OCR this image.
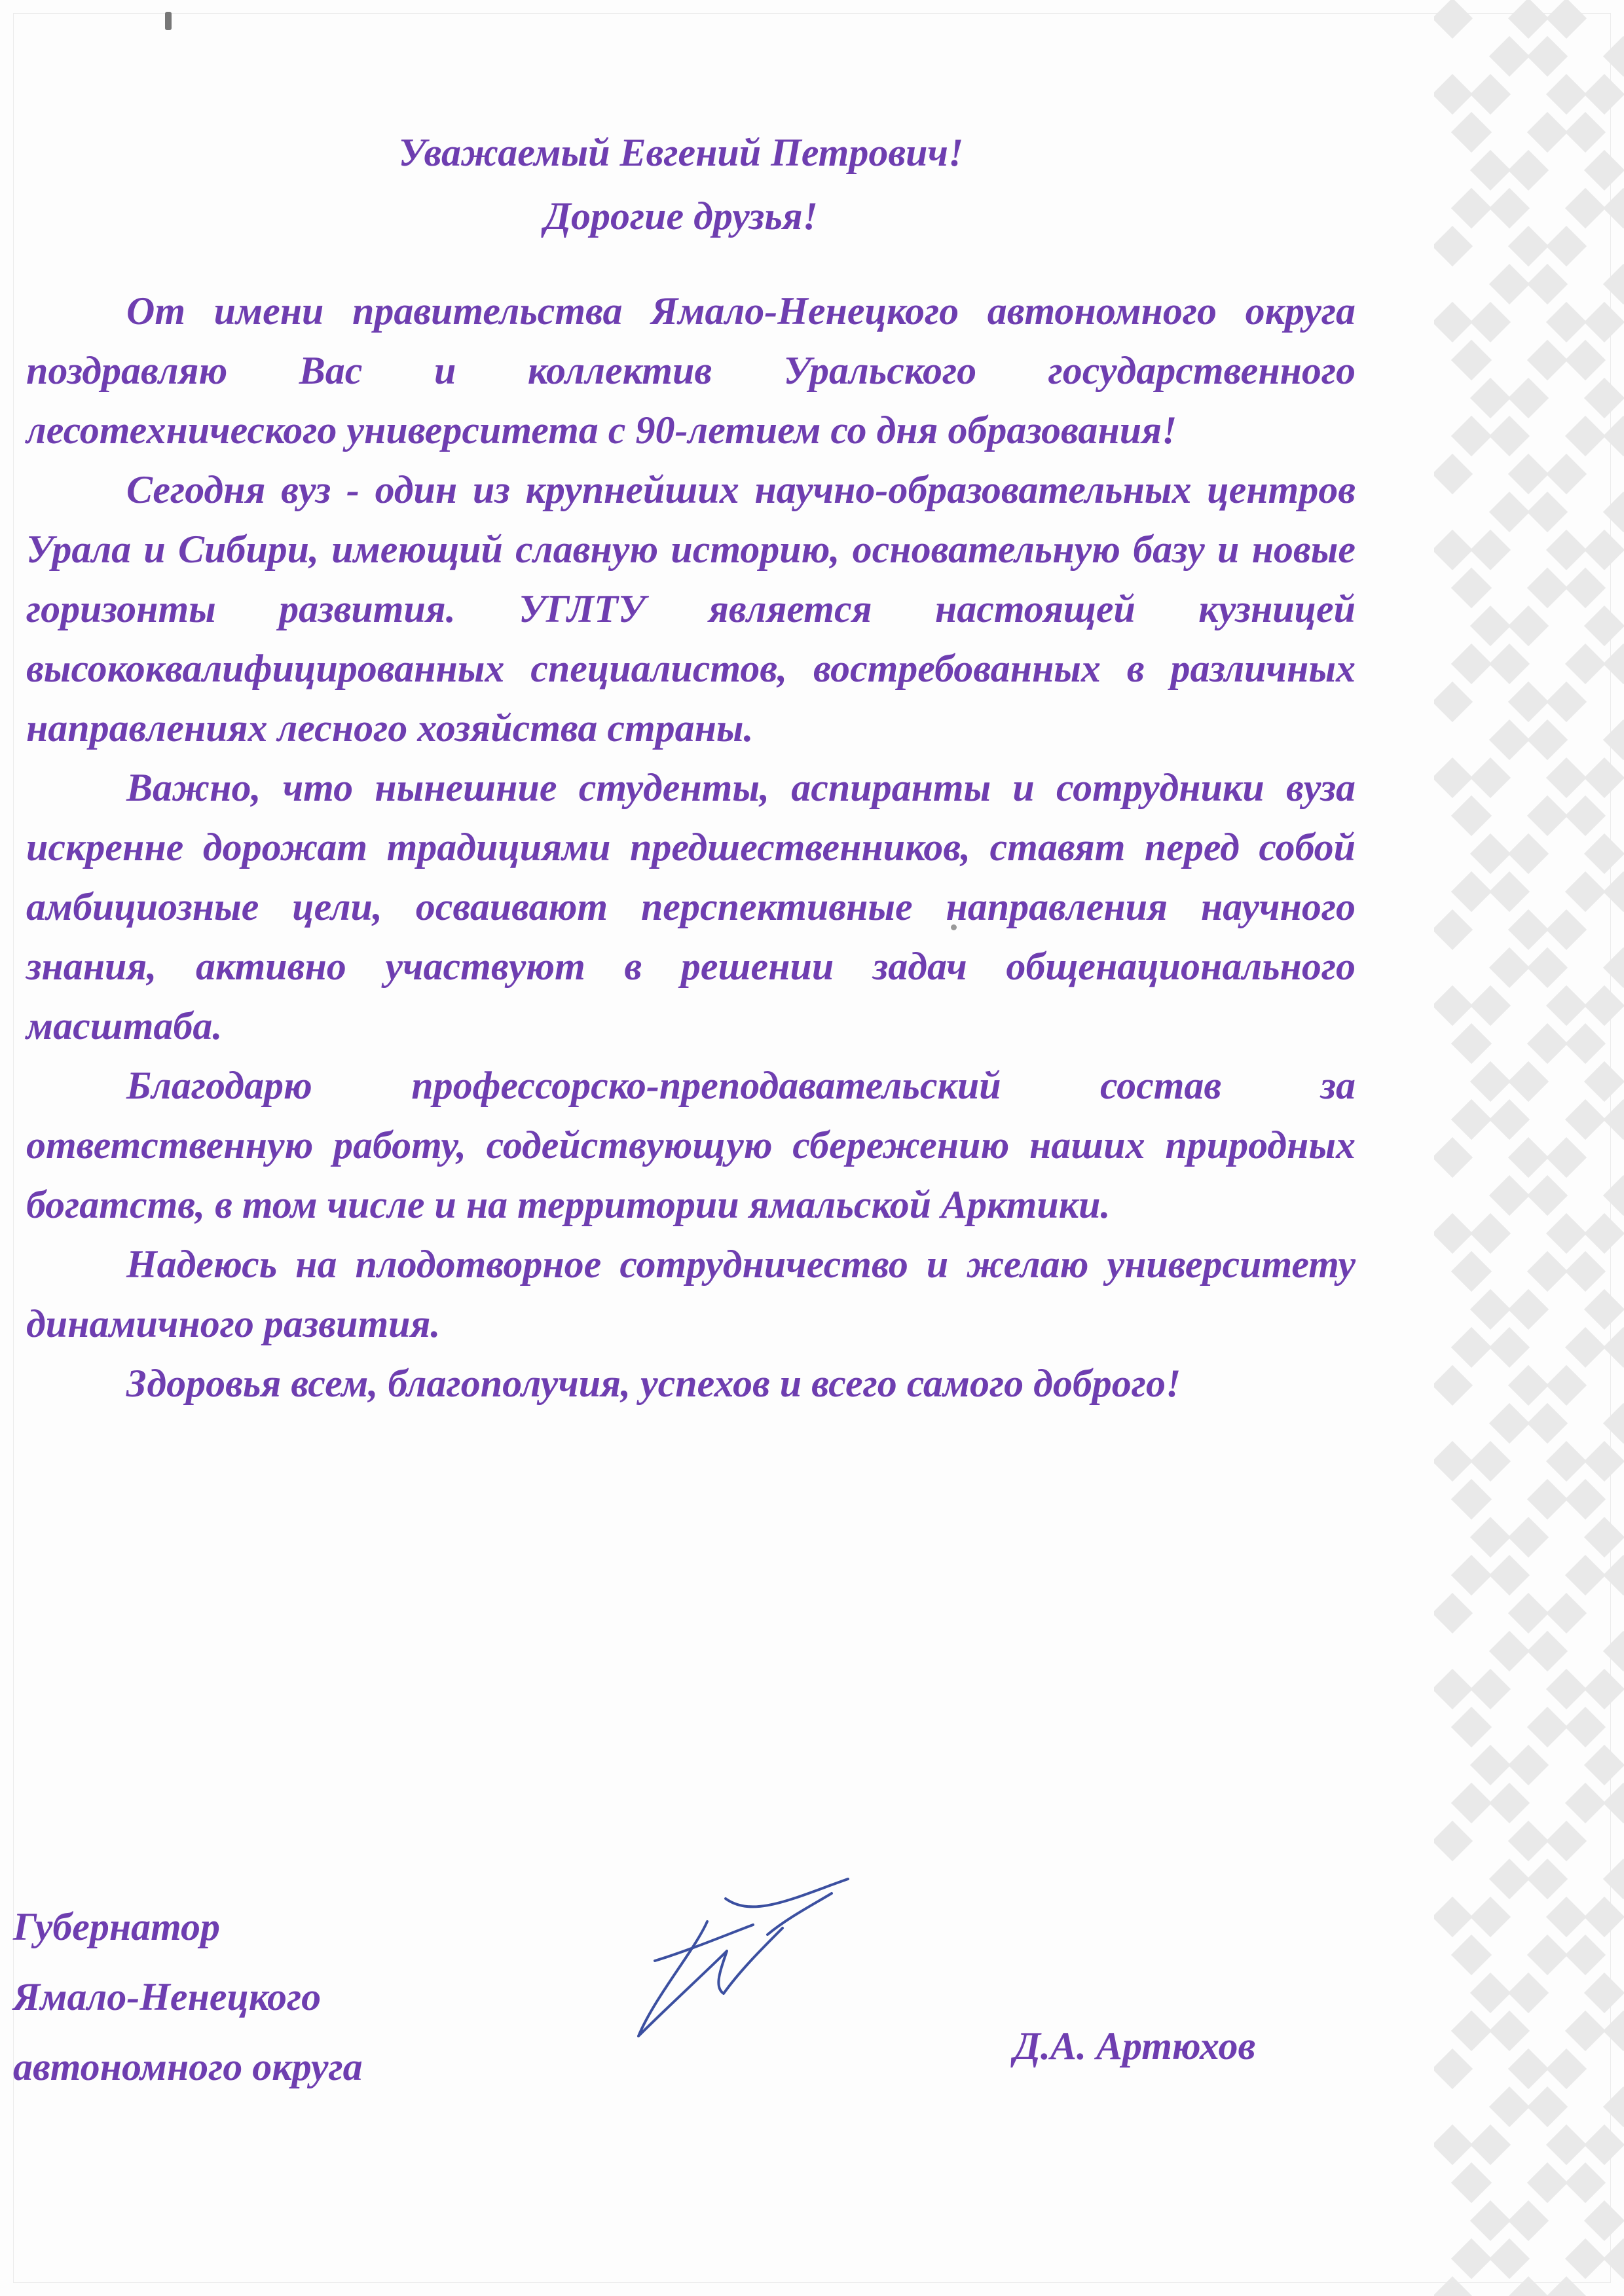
Уважаемый Евгений Петрович!
Дорогие друзья!

От имени правительства Ямало-Ненецкого автономного округа поздравляю Вас и коллектив Уральского государственного лесотехнического университета с 90-летием со дня образования!

Сегодня вуз - один из крупнейших научно-образовательных центров Урала и Сибири, имеющий славную историю, основательную базу и новые горизонты развития. УГЛТУ является настоящей кузницей высококвалифицированных специалистов, востребованных в различных направлениях лесного хозяйства страны.

Важно, что нынешние студенты, аспиранты и сотрудники вуза искренне дорожат традициями предшественников, ставят перед собой амбициозные цели, осваивают перспективные направления научного знания, активно участвуют в решении задач общенационального масштаба.

Благодарю профессорско-преподавательский состав за ответственную работу, содействующую сбережению наших природных богатств, в том числе и на территории ямальской Арктики.

Надеюсь на плодотворное сотрудничество и желаю университету динамичного развития.

Здоровья всем, благополучия, успехов и всего самого доброго!

Губернатор
Ямало-Ненецкого
автономного округа	Д.А. Артюхов
